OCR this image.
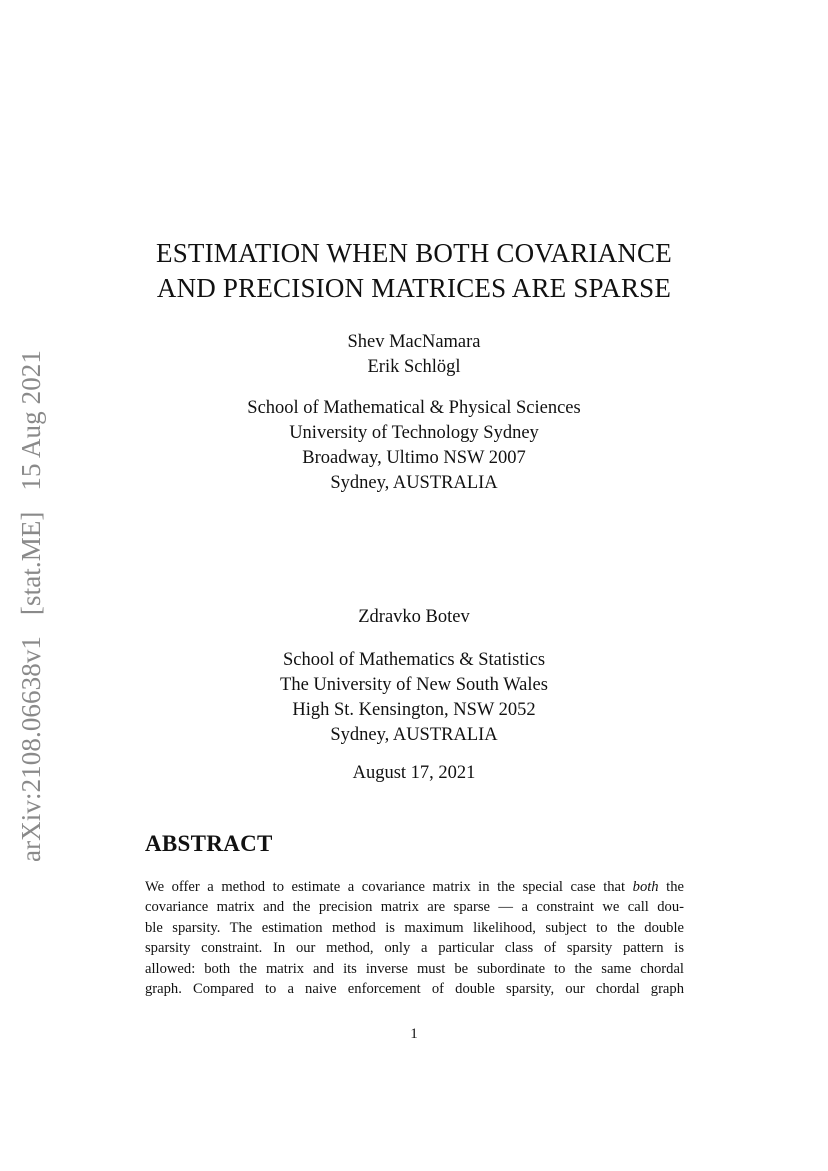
arXiv:2108.06638v1 [stat.ME] 15 Aug 2021
ESTIMATION WHEN BOTH COVARIANCE
AND PRECISION MATRICES ARE SPARSE
Shev MacNamara
Erik Schlögl
School of Mathematical & Physical Sciences
University of Technology Sydney
Broadway, Ultimo NSW 2007
Sydney, AUSTRALIA
Zdravko Botev
School of Mathematics & Statistics
The University of New South Wales
High St. Kensington, NSW 2052
Sydney, AUSTRALIA
August 17, 2021
ABSTRACT
We offer a method to estimate a covariance matrix in the special case that both the
covariance matrix and the precision matrix are sparse — a constraint we call dou-
ble sparsity. The estimation method is maximum likelihood, subject to the double
sparsity constraint. In our method, only a particular class of sparsity pattern is
allowed: both the matrix and its inverse must be subordinate to the same chordal
graph. Compared to a naive enforcement of double sparsity, our chordal graph
1
